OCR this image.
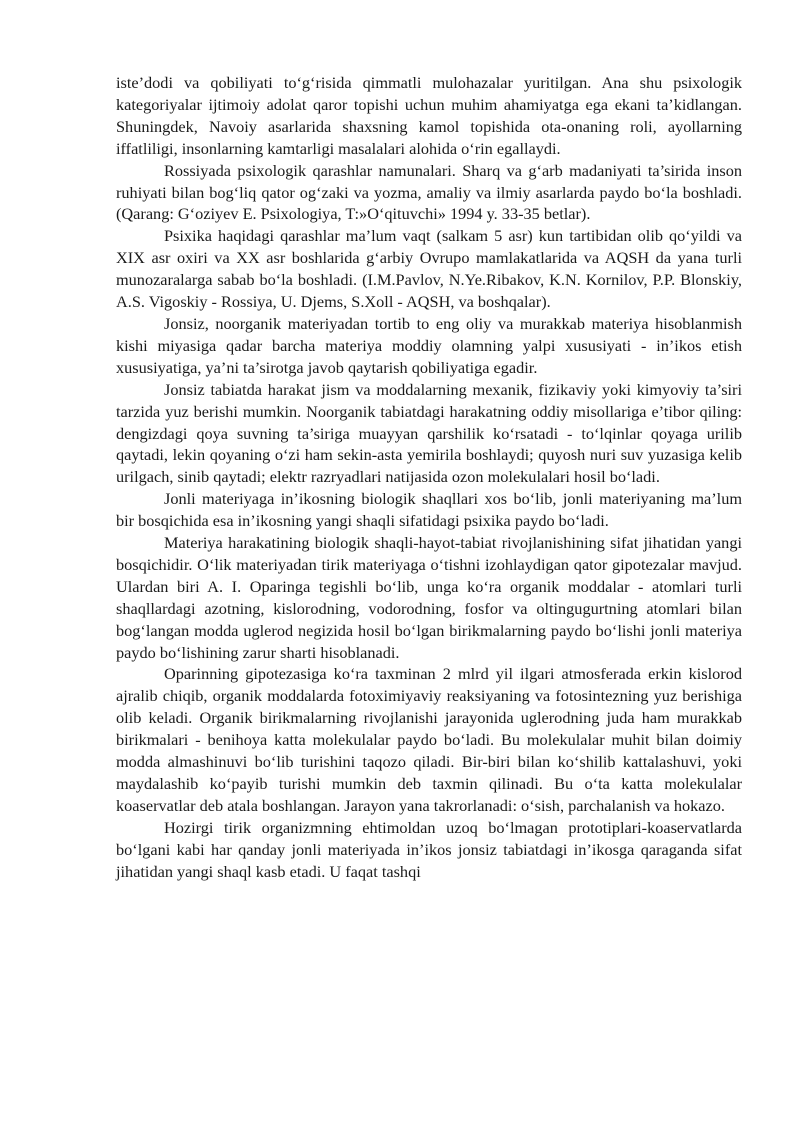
iste’dodi va qobiliyati to‘g‘risida qimmatli mulohazalar yuritilgan. Ana shu psixologik kategoriyalar ijtimoiy adolat qaror topishi uchun muhim ahamiyatga ega ekani ta’kidlangan. Shuningdek, Navoiy asarlarida shaxsning kamol topishida ota-onaning roli, ayollarning iffatliligi, insonlarning kamtarligi masalalari alohida o‘rin egallaydi.

Rossiyada psixologik qarashlar namunalari. Sharq va g‘arb madaniyati ta’sirida inson ruhiyati bilan bog‘liq qator og‘zaki va yozma, amaliy va ilmiy asarlarda paydo bo‘la boshladi. (Qarang: G‘oziyev E. Psixologiya, T:»O‘qituvchi» 1994 y. 33-35 betlar).

Psixika haqidagi qarashlar ma’lum vaqt (salkam 5 asr) kun tartibidan olib qo‘yildi va XIX asr oxiri va XX asr boshlarida g‘arbiy Ovrupo mamlakatlarida va AQSH da yana turli munozaralarga sabab bo‘la boshladi. (I.M.Pavlov, N.Ye.Ribakov, K.N. Kornilov, P.P. Blonskiy, A.S. Vigoskiy - Rossiya, U. Djems, S.Xoll - AQSH, va boshqalar).

Jonsiz, noorganik materiyadan tortib to eng oliy va murakkab materiya hisoblanmish kishi miyasiga qadar barcha materiya moddiy olamning yalpi xususiyati - in’ikos etish xususiyatiga, ya’ni ta’sirotga javob qaytarish qobiliyatiga egadir.

Jonsiz tabiatda harakat jism va moddalarning mexanik, fizikaviy yoki kimyoviy ta’siri tarzida yuz berishi mumkin. Noorganik tabiatdagi harakatning oddiy misollariga e’tibor qiling: dengizdagi qoya suvning ta’siriga muayyan qarshilik ko‘rsatadi - to‘lqinlar qoyaga urilib qaytadi, lekin qoyaning o‘zi ham sekin-asta yemirila boshlaydi; quyosh nuri suv yuzasiga kelib urilgach, sinib qaytadi; elektr razryadlari natijasida ozon molekulalari hosil bo‘ladi.

Jonli materiyaga in’ikosning biologik shaqllari xos bo‘lib, jonli materiyaning ma’lum bir bosqichida esa in’ikosning yangi shaqli sifatidagi psixika paydo bo‘ladi.

Materiya harakatining biologik shaqli-hayot-tabiat rivojlanishining sifat jihatidan yangi bosqichidir. O‘lik materiyadan tirik materiyaga o‘tishni izohlaydigan qator gipotezalar mavjud. Ulardan biri A. I. Oparinga tegishli bo‘lib, unga ko‘ra organik moddalar - atomlari turli shaqllardagi azotning, kislorodning, vodorodning, fosfor va oltingugurtning atomlari bilan bog‘langan modda uglerod negizida hosil bo‘lgan birikmalarning paydo bo‘lishi jonli materiya paydo bo‘lishining zarur sharti hisoblanadi.

Oparinning gipotezasiga ko‘ra taxminan 2 mlrd yil ilgari atmosferada erkin kislorod ajralib chiqib, organik moddalarda fotoximiyaviy reaksiyaning va fotosintezning yuz berishiga olib keladi. Organik birikmalarning rivojlanishi jarayonida uglerodning juda ham murakkab birikmalari - benihoya katta molekulalar paydo bo‘ladi. Bu molekulalar muhit bilan doimiy modda almashinuvi bo‘lib turishini taqozo qiladi. Bir-biri bilan ko‘shilib kattalashuvi, yoki maydalashib ko‘payib turishi mumkin deb taxmin qilinadi. Bu o‘ta katta molekulalar koaservatlar deb atala boshlangan. Jarayon yana takrorlanadi: o‘sish, parchalanish va hokazo.

Hozirgi tirik organizmning ehtimoldan uzoq bo‘lmagan prototiplari-koaservatlarda bo‘lgani kabi har qanday jonli materiyada in’ikos jonsiz tabiatdagi in’ikosga qaraganda sifat jihatidan yangi shaql kasb etadi. U faqat tashqi
